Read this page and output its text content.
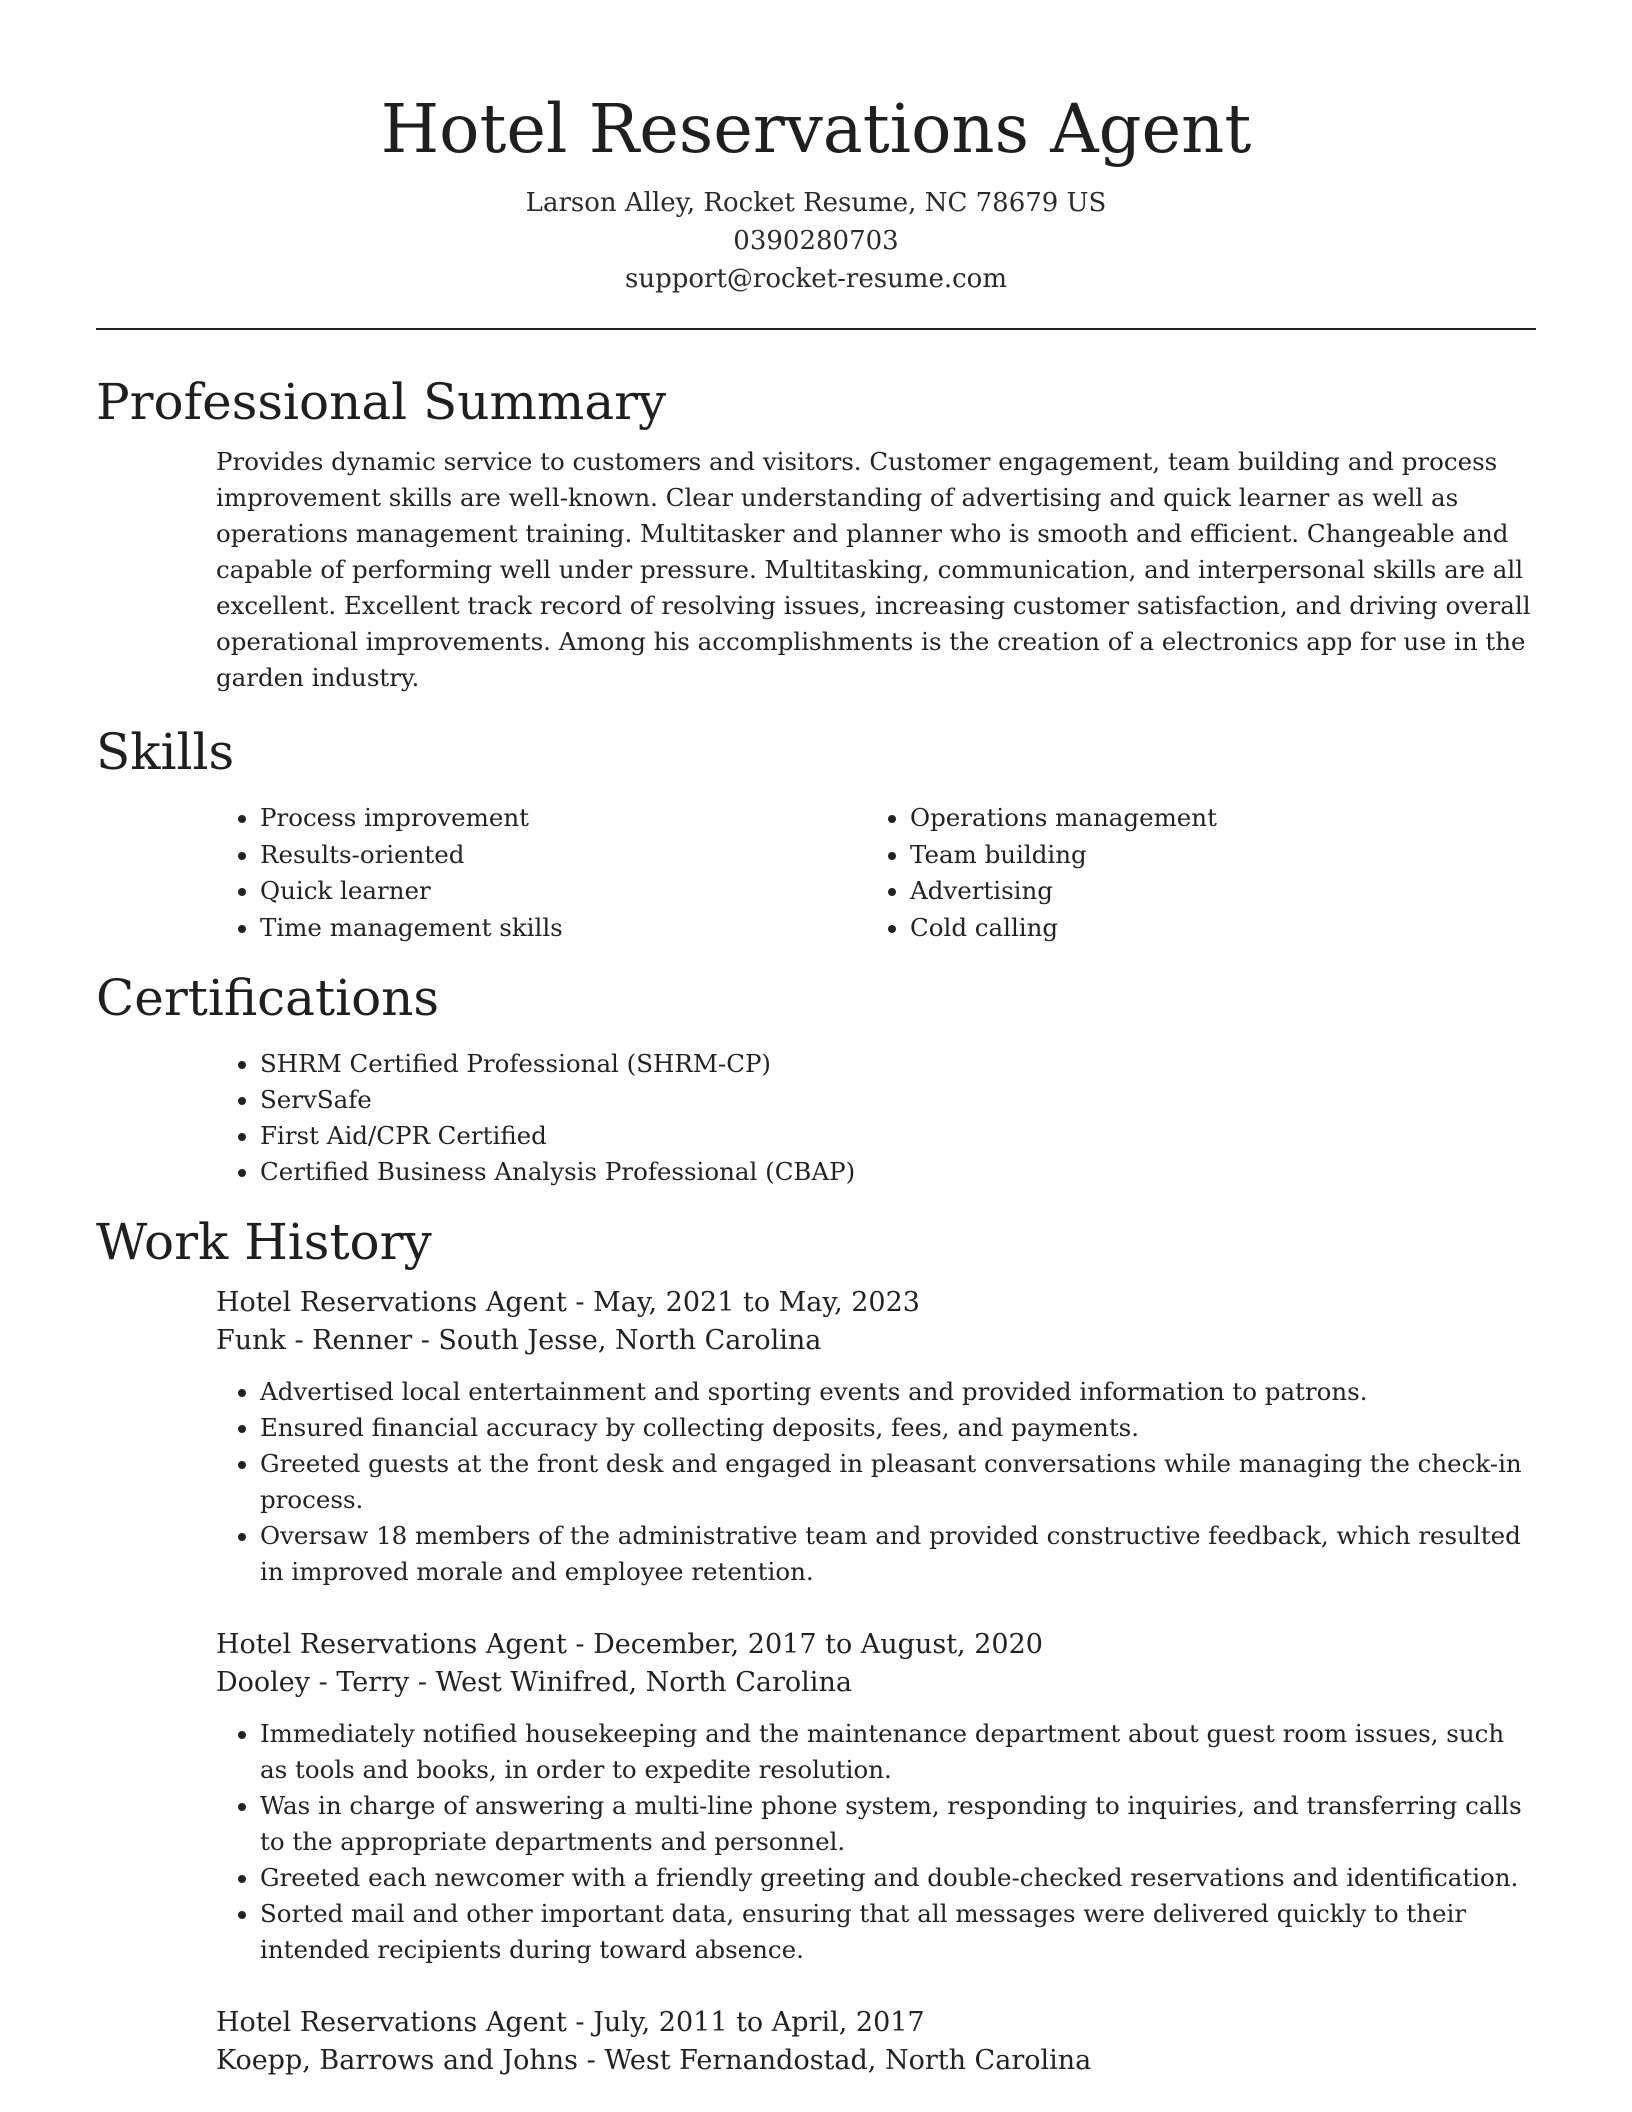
Hotel Reservations Agent
Larson Alley, Rocket Resume, NC 78679 US
0390280703
support@rocket-resume.com
Professional Summary

Provides dynamic service to customers and visitors. Customer engagement, team building and process improvement skills are well-known. Clear understanding of advertising and quick learner as well as operations management training. Multitasker and planner who is smooth and efficient. Changeable and capable of performing well under pressure. Multitasking, communication, and interpersonal skills are all excellent. Excellent track record of resolving issues, increasing customer satisfaction, and driving overall operational improvements. Among his accomplishments is the creation of a electronics app for use in the garden industry.

Skills
• Process improvement
• Results-oriented
• Quick learner
• Time management skills
• Operations management
• Team building
• Advertising
• Cold calling
Certifications
• SHRM Certified Professional (SHRM-CP)
• ServSafe
• First Aid/CPR Certified
• Certified Business Analysis Professional (CBAP)
Work History
Hotel Reservations Agent - May, 2021 to May, 2023
Funk - Renner - South Jesse, North Carolina
• Advertised local entertainment and sporting events and provided information to patrons.
• Ensured financial accuracy by collecting deposits, fees, and payments.
• Greeted guests at the front desk and engaged in pleasant conversations while managing the check-in process.
• Oversaw 18 members of the administrative team and provided constructive feedback, which resulted in improved morale and employee retention.
Hotel Reservations Agent - December, 2017 to August, 2020
Dooley - Terry - West Winifred, North Carolina
• Immediately notified housekeeping and the maintenance department about guest room issues, such as tools and books, in order to expedite resolution.
• Was in charge of answering a multi-line phone system, responding to inquiries, and transferring calls to the appropriate departments and personnel.
• Greeted each newcomer with a friendly greeting and double-checked reservations and identification.
• Sorted mail and other important data, ensuring that all messages were delivered quickly to their intended recipients during toward absence.
Hotel Reservations Agent - July, 2011 to April, 2017
Koepp, Barrows and Johns - West Fernandostad, North Carolina
